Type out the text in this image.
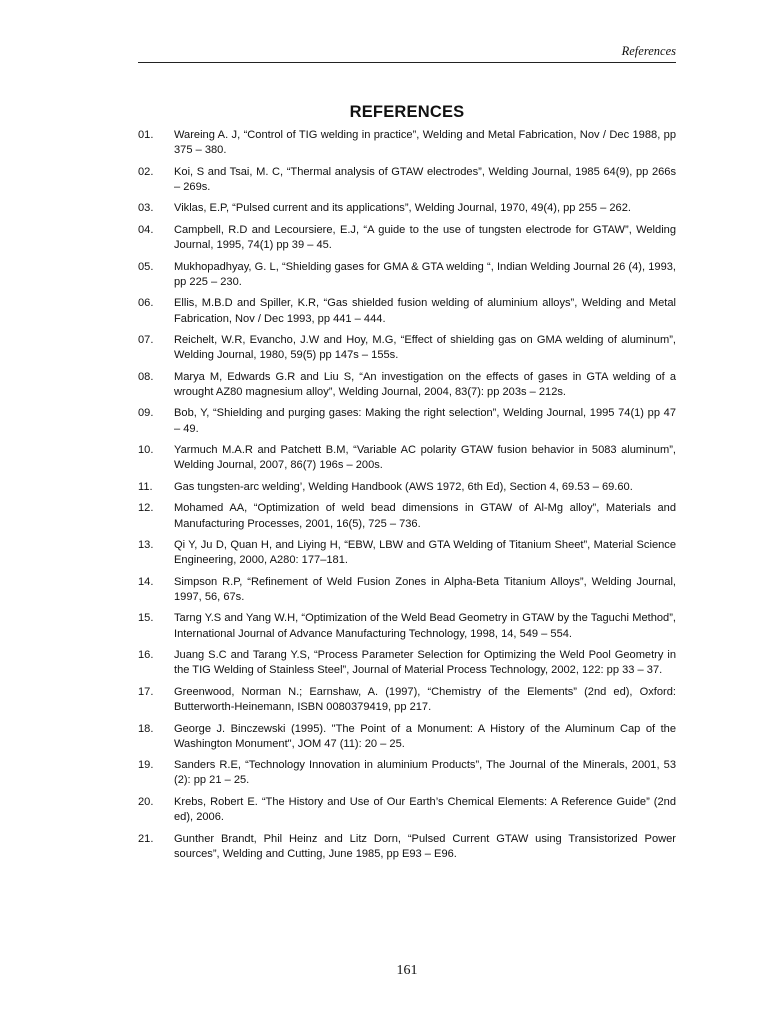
References
REFERENCES
01.	Wareing A. J, “Control of TIG welding in practice”, Welding and Metal Fabrication, Nov / Dec 1988, pp 375 – 380.
02.	Koi, S and Tsai, M. C, “Thermal analysis of GTAW electrodes”, Welding Journal, 1985 64(9), pp 266s – 269s.
03.	Viklas, E.P, “Pulsed current and its applications”, Welding Journal, 1970, 49(4), pp 255 – 262.
04.	Campbell, R.D and Lecoursiere, E.J, “A guide to the use of tungsten electrode for GTAW”, Welding Journal, 1995, 74(1) pp 39 – 45.
05.	Mukhopadhyay, G. L, “Shielding gases for GMA & GTA welding “, Indian Welding Journal 26 (4), 1993, pp 225 – 230.
06.	Ellis, M.B.D and Spiller, K.R, “Gas shielded fusion welding of aluminium alloys”, Welding and Metal Fabrication, Nov / Dec 1993, pp 441 – 444.
07.	Reichelt, W.R, Evancho, J.W and Hoy, M.G, “Effect of shielding gas on GMA welding of aluminum”, Welding Journal, 1980, 59(5) pp 147s – 155s.
08.	Marya M, Edwards G.R and Liu S, “An investigation on the effects of gases in GTA welding of a wrought AZ80 magnesium alloy”, Welding Journal, 2004, 83(7): pp 203s – 212s.
09.	Bob, Y, “Shielding and purging gases: Making the right selection”, Welding Journal, 1995 74(1) pp 47 – 49.
10.	Yarmuch M.A.R and Patchett B.M, “Variable AC polarity GTAW fusion behavior in 5083 aluminum”, Welding Journal, 2007, 86(7) 196s – 200s.
11.	Gas tungsten-arc welding’, Welding Handbook (AWS 1972, 6th Ed), Section 4, 69.53 – 69.60.
12.	Mohamed AA, “Optimization of weld bead dimensions in GTAW of Al-Mg alloy”, Materials and Manufacturing Processes, 2001, 16(5), 725 – 736.
13.	Qi Y, Ju D, Quan H, and Liying H, “EBW, LBW and GTA Welding of Titanium Sheet”, Material Science Engineering, 2000, A280: 177–181.
14.	Simpson R.P, “Refinement of Weld Fusion Zones in Alpha-Beta Titanium Alloys”, Welding Journal, 1997, 56, 67s.
15.	Tarng Y.S and Yang W.H, “Optimization of the Weld Bead Geometry in GTAW by the Taguchi Method”, International Journal of Advance Manufacturing Technology, 1998, 14, 549 – 554.
16.	Juang S.C and Tarang Y.S, “Process Parameter Selection for Optimizing the Weld Pool Geometry in the TIG Welding of Stainless Steel”, Journal of Material Process Technology, 2002, 122: pp 33 – 37.
17.	Greenwood, Norman N.; Earnshaw, A. (1997), “Chemistry of the Elements” (2nd ed), Oxford: Butterworth-Heinemann, ISBN 0080379419, pp 217.
18.	George J. Binczewski (1995). "The Point of a Monument: A History of the Aluminum Cap of the Washington Monument", JOM 47 (11): 20 – 25.
19.	Sanders R.E, “Technology Innovation in aluminium Products”, The Journal of the Minerals, 2001, 53 (2): pp 21 – 25.
20.	Krebs, Robert E. “The History and Use of Our Earth’s Chemical Elements: A Reference Guide” (2nd ed), 2006.
21.	Gunther Brandt, Phil Heinz and Litz Dorn, “Pulsed Current GTAW using Transistorized Power sources”, Welding and Cutting, June 1985, pp E93 – E96.
161
